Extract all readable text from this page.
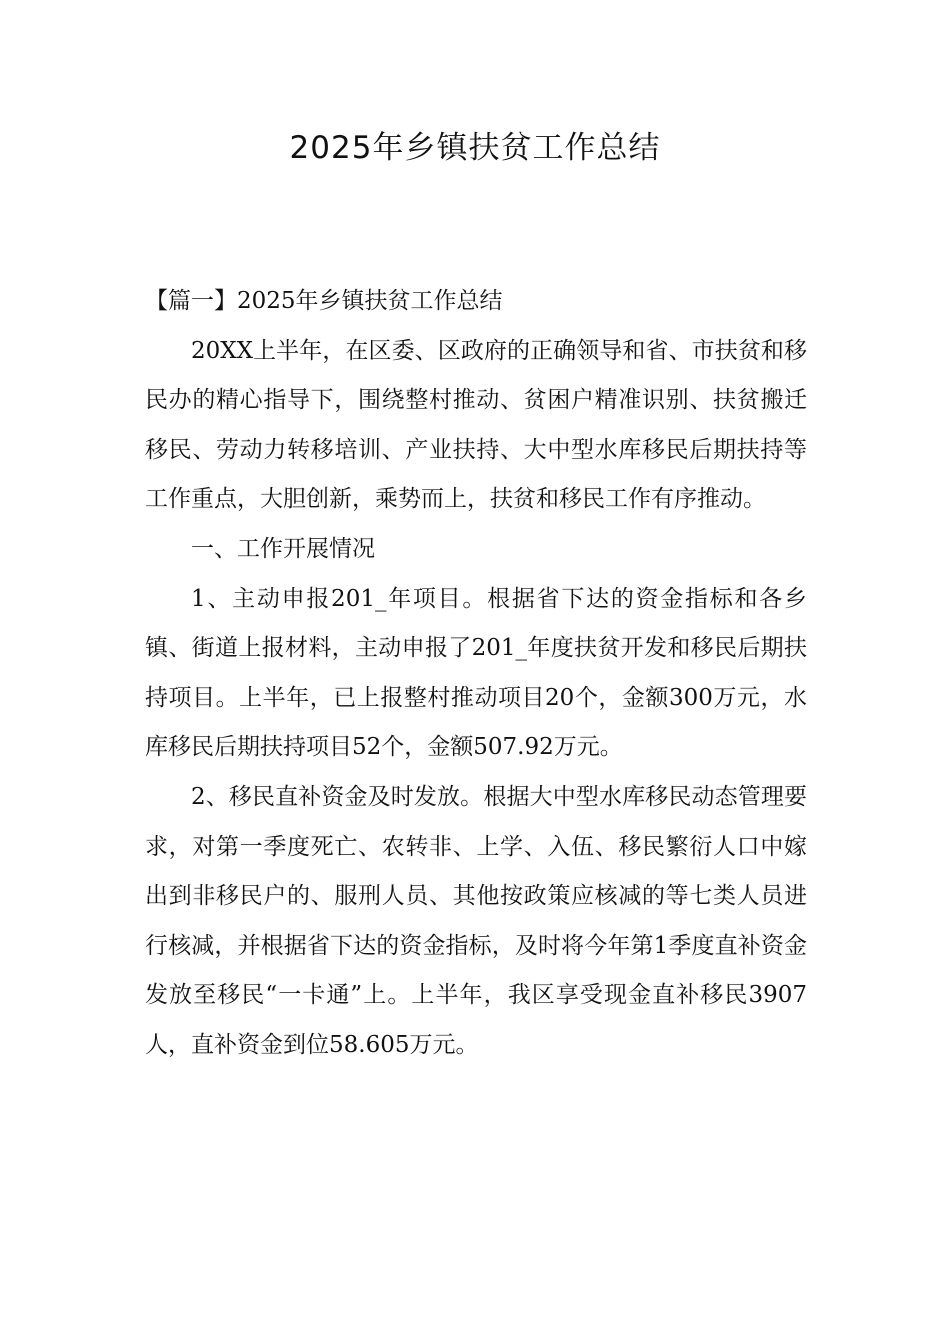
2025年乡镇扶贫工作总结

【篇一】2025年乡镇扶贫工作总结

20XX上半年，在区委、区政府的正确领导和省、市扶贫和移民办的精心指导下，围绕整村推动、贫困户精准识别、扶贫搬迁移民、劳动力转移培训、产业扶持、大中型水库移民后期扶持等工作重点，大胆创新，乘势而上，扶贫和移民工作有序推动。

一、工作开展情况

1、主动申报201_年项目。根据省下达的资金指标和各乡镇、街道上报材料，主动申报了201_年度扶贫开发和移民后期扶持项目。上半年，已上报整村推动项目20个，金额300万元，水库移民后期扶持项目52个，金额507.92万元。

2、移民直补资金及时发放。根据大中型水库移民动态管理要求，对第一季度死亡、农转非、上学、入伍、移民繁衍人口中嫁出到非移民户的、服刑人员、其他按政策应核减的等七类人员进行核减，并根据省下达的资金指标，及时将今年第1季度直补资金发放至移民“一卡通”上。上半年，我区享受现金直补移民3907人，直补资金到位58.605万元。
